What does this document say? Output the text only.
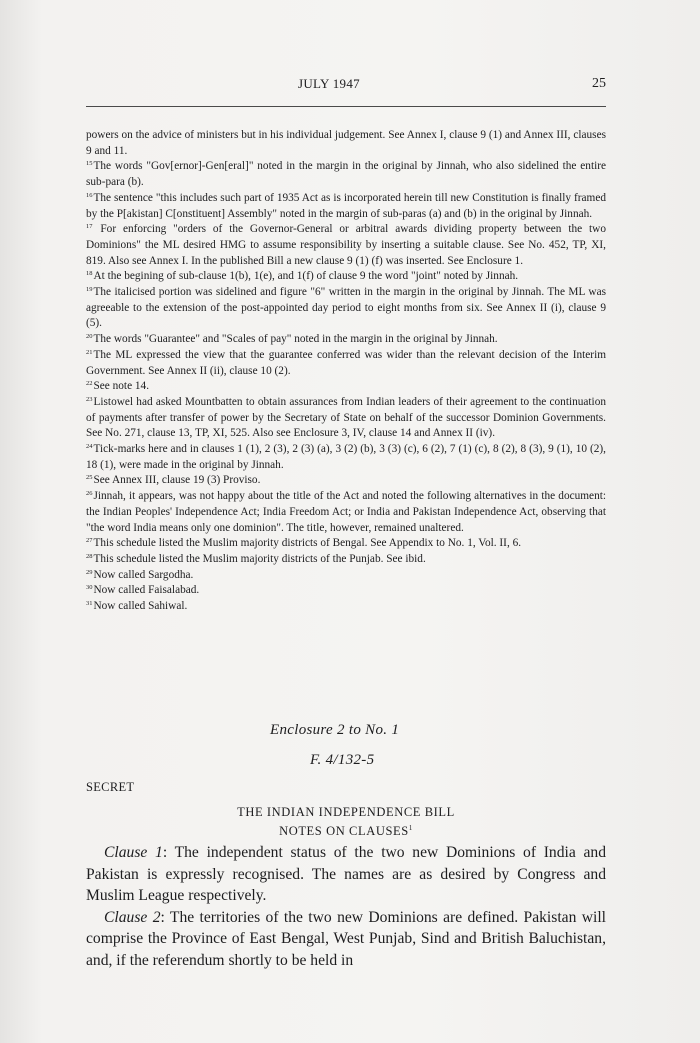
JULY 1947	25

powers on the advice of ministers but in his individual judgement. See Annex I, clause 9 (1) and Annex III, clauses 9 and 11.

$^{15}$The words "Gov[ernor]-Gen[eral]" noted in the margin in the original by Jinnah, who also sidelined the entire sub-para (b).

$^{16}$The sentence "this includes such part of 1935 Act as is incorporated herein till new Constitution is finally framed by the P[akistan] C[onstituent] Assembly" noted in the margin of sub-paras (a) and (b) in the original by Jinnah.

$^{17}$ For enforcing "orders of the Governor-General or arbitral awards dividing property between the two Dominions" the ML desired HMG to assume responsibility by inserting a suitable clause. See No. 452, TP, XI, 819. Also see Annex I. In the published Bill a new clause 9 (1) (f) was inserted. See Enclosure 1.

$^{18}$At the begining of sub-clause 1(b), 1(e), and 1(f) of clause 9 the word "joint" noted by Jinnah.

$^{19}$The italicised portion was sidelined and figure "6" written in the margin in the original by Jinnah. The ML was agreeable to the extension of the post-appointed day period to eight months from six. See Annex II (i), clause 9 (5).

$^{20}$The words "Guarantee" and "Scales of pay" noted in the margin in the original by Jinnah.

$^{21}$The ML expressed the view that the guarantee conferred was wider than the relevant decision of the Interim Government. See Annex II (ii), clause 10 (2).

$^{22}$See note 14.

$^{23}$Listowel had asked Mountbatten to obtain assurances from Indian leaders of their agreement to the continuation of payments after transfer of power by the Secretary of State on behalf of the successor Dominion Governments. See No. 271, clause 13, TP, XI, 525. Also see Enclosure 3, IV, clause 14 and Annex II (iv).

$^{24}$Tick-marks here and in clauses 1 (1), 2 (3), 2 (3) (a), 3 (2) (b), 3 (3) (c), 6 (2), 7 (1) (c), 8 (2), 8 (3), 9 (1), 10 (2), 18 (1), were made in the original by Jinnah.

$^{25}$See Annex III, clause 19 (3) Proviso.

$^{26}$Jinnah, it appears, was not happy about the title of the Act and noted the following alternatives in the document: the Indian Peoples' Independence Act; India Freedom Act; or India and Pakistan Independence Act, observing that "the word India means only one dominion". The title, however, remained unaltered.

$^{27}$This schedule listed the Muslim majority districts of Bengal. See Appendix to No. 1, Vol. II, 6.

$^{28}$This schedule listed the Muslim majority districts of the Punjab. See ibid.

$^{29}$Now called Sargodha.

$^{30}$Now called Faisalabad.

$^{31}$Now called Sahiwal.

Enclosure 2 to No. 1
F. 4/132-5
SECRET
THE INDIAN INDEPENDENCE BILL
NOTES ON CLAUSES$^1$

Clause 1: The independent status of the two new Dominions of India and Pakistan is expressly recognised. The names are as desired by Congress and Muslim League respectively.

Clause 2: The territories of the two new Dominions are defined. Pakistan will comprise the Province of East Bengal, West Punjab, Sind and British Baluchistan, and, if the referendum shortly to be held in
